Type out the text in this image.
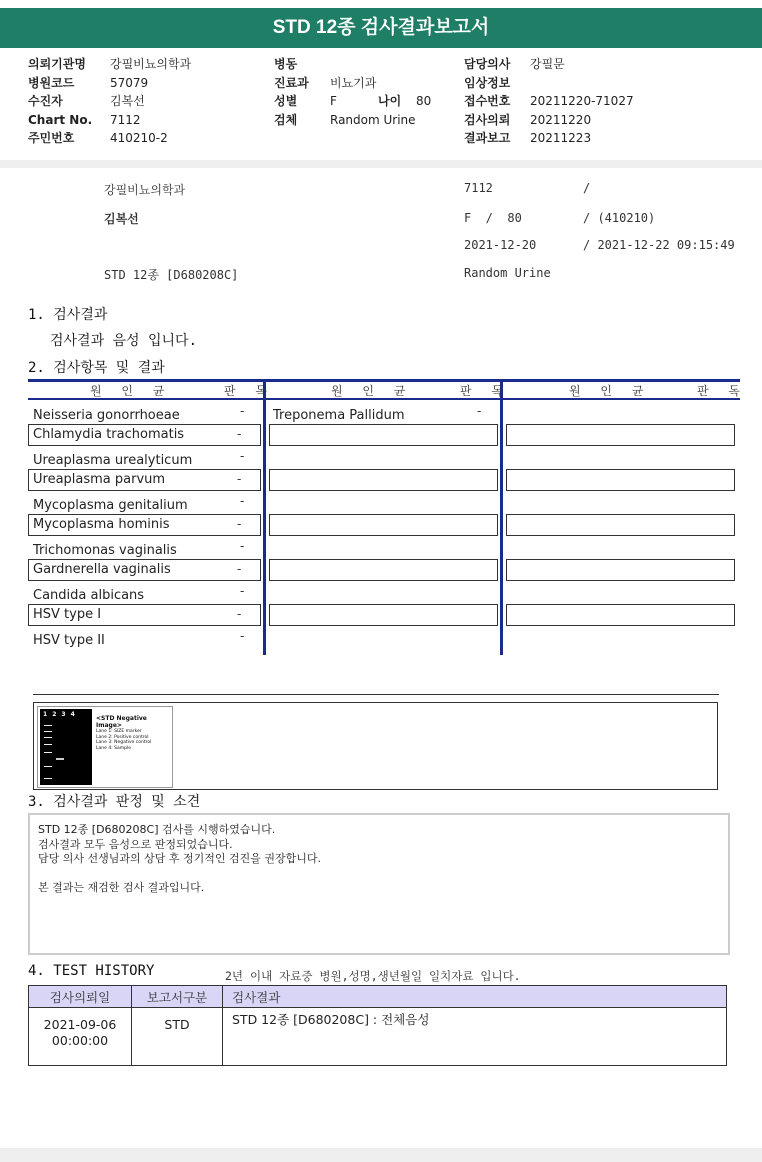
STD 12종 검사결과보고서
의뢰기관명 강필비뇨의학과
병원코드	57079
수진자	김복선
Chart No. 7112
주민번호	410210-2
병동
진료과 비뇨기과
성별	F	나이 80
검체	Random Urine
담당의사 강필문
임상정보
접수번호 20211220-71027
검사의뢰 20211220
결과보고 20211223
강필비뇨의학과
김복선
STD 12종 [D680208C]
7112	/
F  /  80	/ (410210)
2021-12-20	/ 2021-12-22 09:15:49
Random Urine
1. 검사결과
검사결과 음성 입니다.
2. 검사항목 및 결과
원 인 균	판 독	원 인 균	판 독	원 인 균	판 독
Neisseria gonorrhoeae	-
Chlamydia trachomatis	-
Ureaplasma urealyticum	-
Ureaplasma parvum	-
Mycoplasma genitalium	-
Mycoplasma hominis	-
Trichomonas vaginalis	-
Gardnerella vaginalis	-
Candida albicans	-
HSV type I	-
HSV type II	-
Treponema Pallidum	-
1234
<STD Negative Image>
Lane 1: SIZE marker
Lane 2: Positive control
Lane 3: Negative control
Lane 4: Sample
3. 검사결과 판정 및 소견
STD 12종 [D680208C] 검사를 시행하였습니다.
검사결과 모두 음성으로 판정되었습니다.
담당 의사 선생님과의 상담 후 정기적인 검진을 권장합니다.
본 결과는 재검한 검사 결과입니다.
4. TEST HISTORY	2년 이내 자료중 병원,성명,생년월일 일치자료 입니다.
검사의뢰일	보고서구분	검사결과

2021-09-06
00:00:00	STD	STD 12종 [D680208C] : 전체음성
